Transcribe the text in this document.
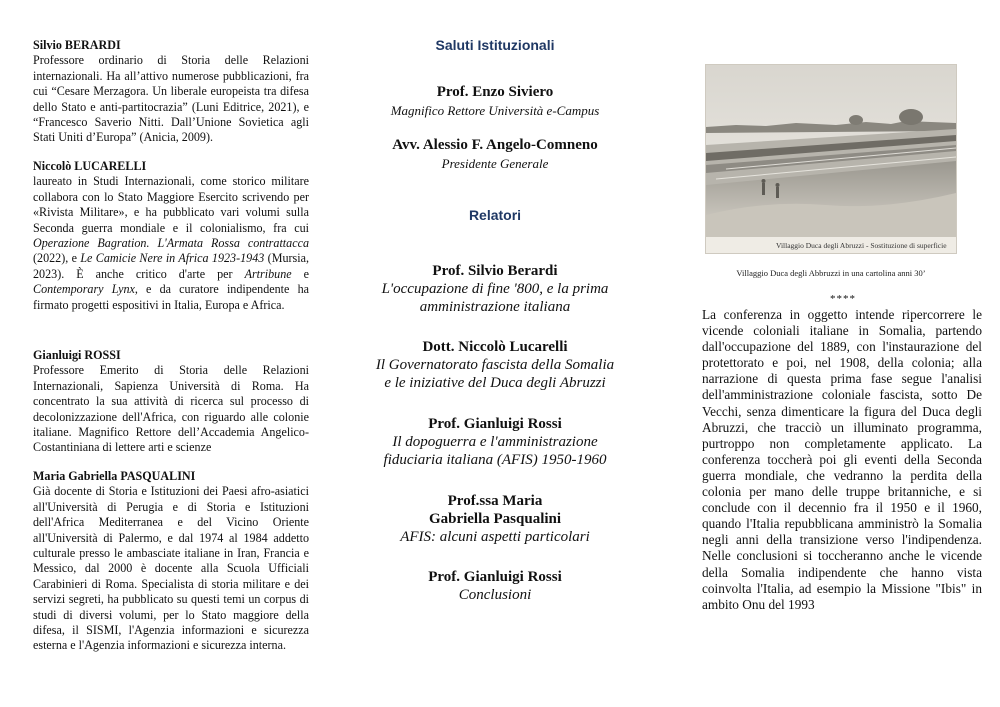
Silvio BERARDI
Professore ordinario di Storia delle Relazioni internazionali. Ha all’attivo numerose pubblicazioni, fra cui “Cesare Merzagora. Un liberale europeista tra difesa dello Stato e anti-partitocrazia” (Luni Editrice, 2021), e “Francesco Saverio Nitti. Dall’Unione Sovietica agli Stati Uniti d’Europa” (Anicia, 2009).

Niccolò LUCARELLI
laureato in Studi Internazionali, come storico militare collabora con lo Stato Maggiore Esercito scrivendo per «Rivista Militare», e ha pubblicato vari volumi sulla Seconda guerra mondiale e il colonialismo, fra cui Operazione Bagration. L'Armata Rossa contrattacca (2022), e Le Camicie Nere in Africa 1923-1943 (Mursia, 2023). È anche critico d'arte per Artribune e Contemporary Lynx, e da curatore indipendente ha firmato progetti espositivi in Italia, Europa e Africa.

Gianluigi ROSSI
Professore Emerito di Storia delle Relazioni Internazionali, Sapienza Università di Roma. Ha concentrato la sua attività di ricerca sul processo di decolonizzazione dell'Africa, con riguardo alle colonie italiane. Magnifico Rettore dell’Accademia Angelico-Costantiniana di lettere arti e scienze

Maria Gabriella PASQUALINI
Già docente di Storia e Istituzioni dei Paesi afro-asiatici all'Università di Perugia e di Storia e Istituzioni dell'Africa Mediterranea e del Vicino Oriente all'Università di Palermo, e dal 1974 al 1984 addetto culturale presso le ambasciate italiane in Iran, Francia e Messico, dal 2000 è docente alla Scuola Ufficiali Carabinieri di Roma. Specialista di storia militare e dei servizi segreti, ha pubblicato su questi temi un corpus di studi di diversi volumi, per lo Stato maggiore della difesa, il SISMI, l'Agenzia informazioni e sicurezza esterna e l'Agenzia informazioni e sicurezza interna.

Saluti Istituzionali
Prof. Enzo Siviero
Magnifico Rettore Università e-Campus
Avv. Alessio F. Angelo-Comneno
Presidente Generale
Relatori
Prof. Silvio Berardi
L'occupazione di fine '800, e la prima
amministrazione italiana
Dott. Niccolò Lucarelli
Il Governatorato fascista della Somalia
e le iniziative del Duca degli Abruzzi
Prof. Gianluigi Rossi
Il dopoguerra e l'amministrazione
fiduciaria italiana (AFIS) 1950-1960
Prof.ssa Maria
Gabriella Pasqualini
AFIS: alcuni aspetti particolari
Prof. Gianluigi Rossi
Conclusioni
Villaggio Duca degli Abruzzi - Sostituzione di superficie
Villaggio Duca degli Abbruzzi in una cartolina anni 30’
****
La conferenza in oggetto intende ripercorrere le vicende coloniali italiane in Somalia, partendo dall'occupazione del 1889, con l'instaurazione del protettorato e poi, nel 1908, della colonia; alla narrazione di questa prima fase segue l'analisi dell'amministrazione coloniale fascista, sotto De Vecchi, senza dimenticare la figura del Duca degli Abruzzi, che tracciò un illuminato programma, purtroppo non completamente applicato. La conferenza toccherà poi gli eventi della Seconda guerra mondiale, che vedranno la perdita della colonia per mano delle truppe britanniche, e si conclude con il decennio fra il 1950 e il 1960, quando l'Italia repubblicana amministrò la Somalia negli anni della transizione verso l'indipendenza. Nelle conclusioni si toccheranno anche le vicende della Somalia indipendente che hanno vista coinvolta l'Italia, ad esempio la Missione "Ibis" in ambito Onu del 1993
